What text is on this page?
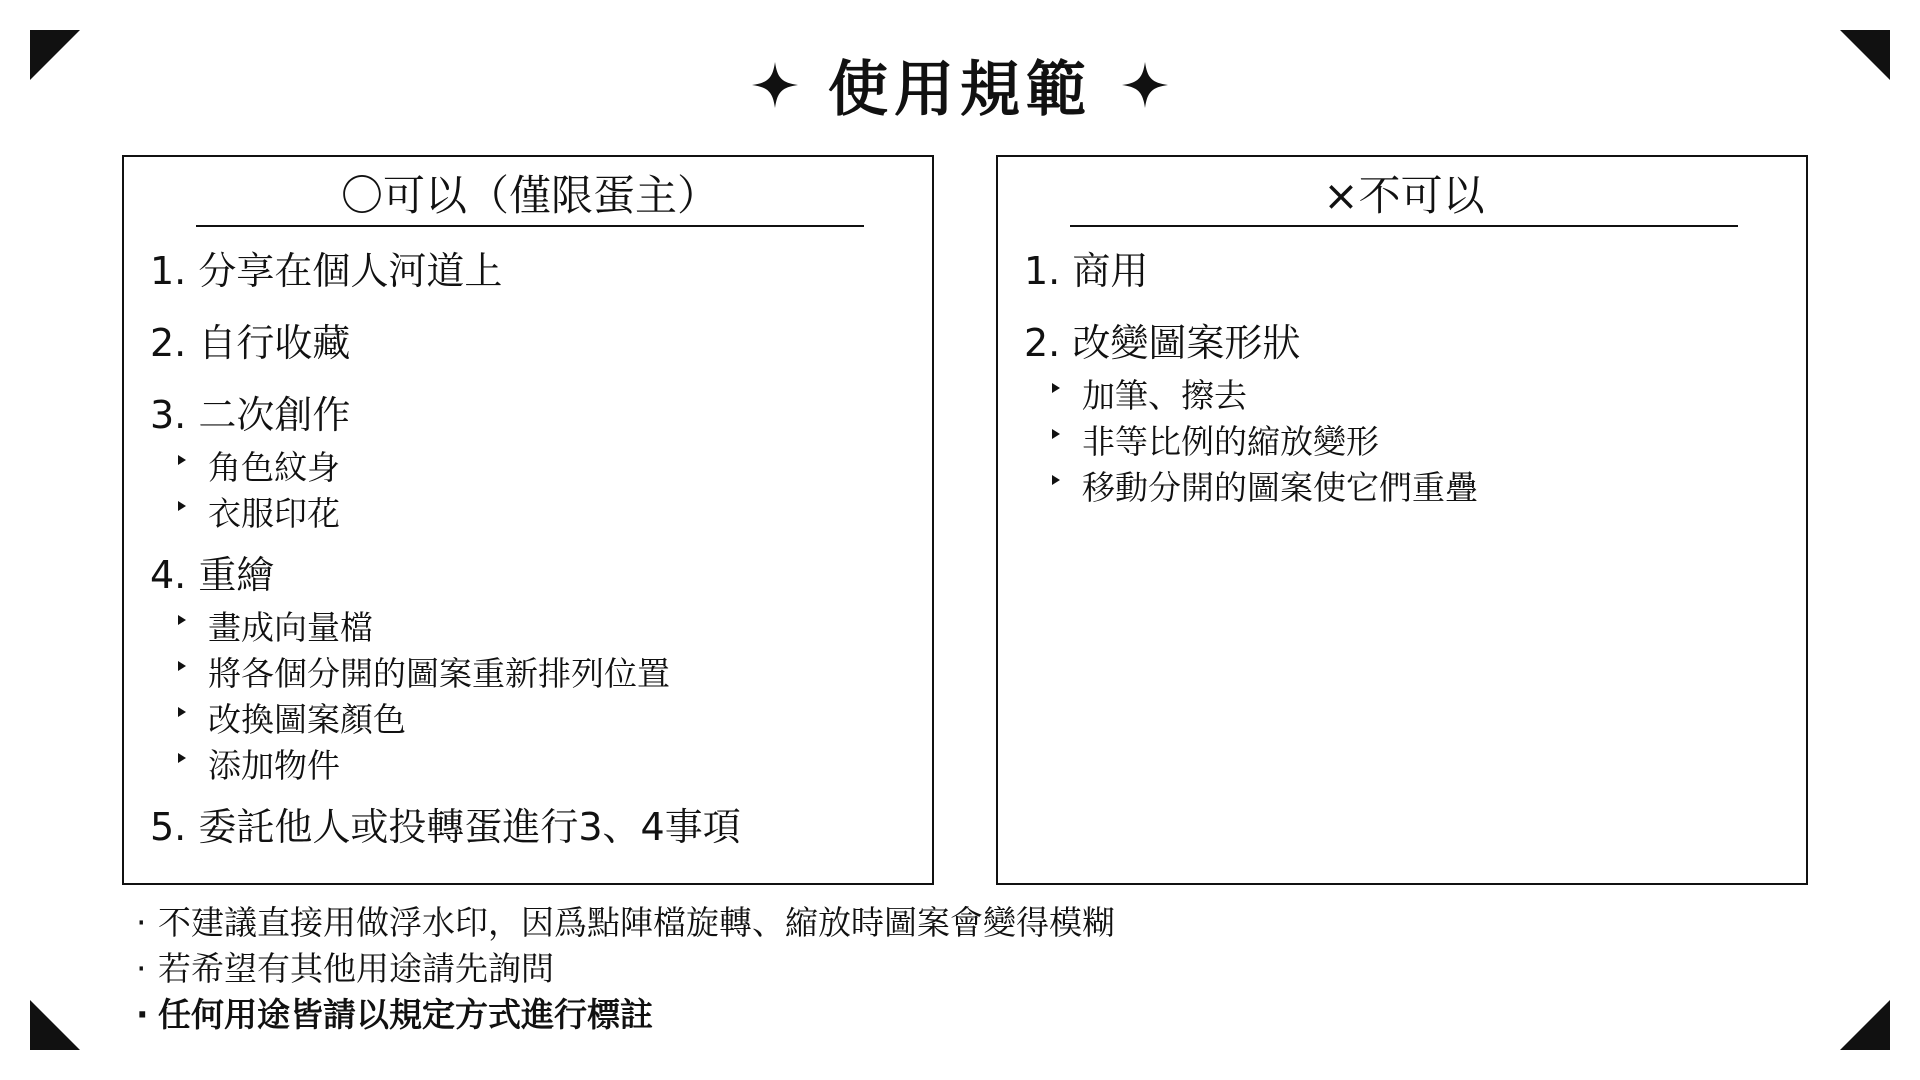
使用規範
〇可以（僅限蛋主）
1. 分享在個人河道上
2. 自行收藏
3. 二次創作
角色紋身
衣服印花
4. 重繪
畫成向量檔
將各個分開的圖案重新排列位置
改換圖案顏色
添加物件
5. 委託他人或投轉蛋進行3、4事項
×不可以
1. 商用
2. 改變圖案形狀
加筆、擦去
非等比例的縮放變形
移動分開的圖案使它們重疊
· 不建議直接用做浮水印，因爲點陣檔旋轉、縮放時圖案會變得模糊
· 若希望有其他用途請先詢問
· 任何用途皆請以規定方式進行標註
